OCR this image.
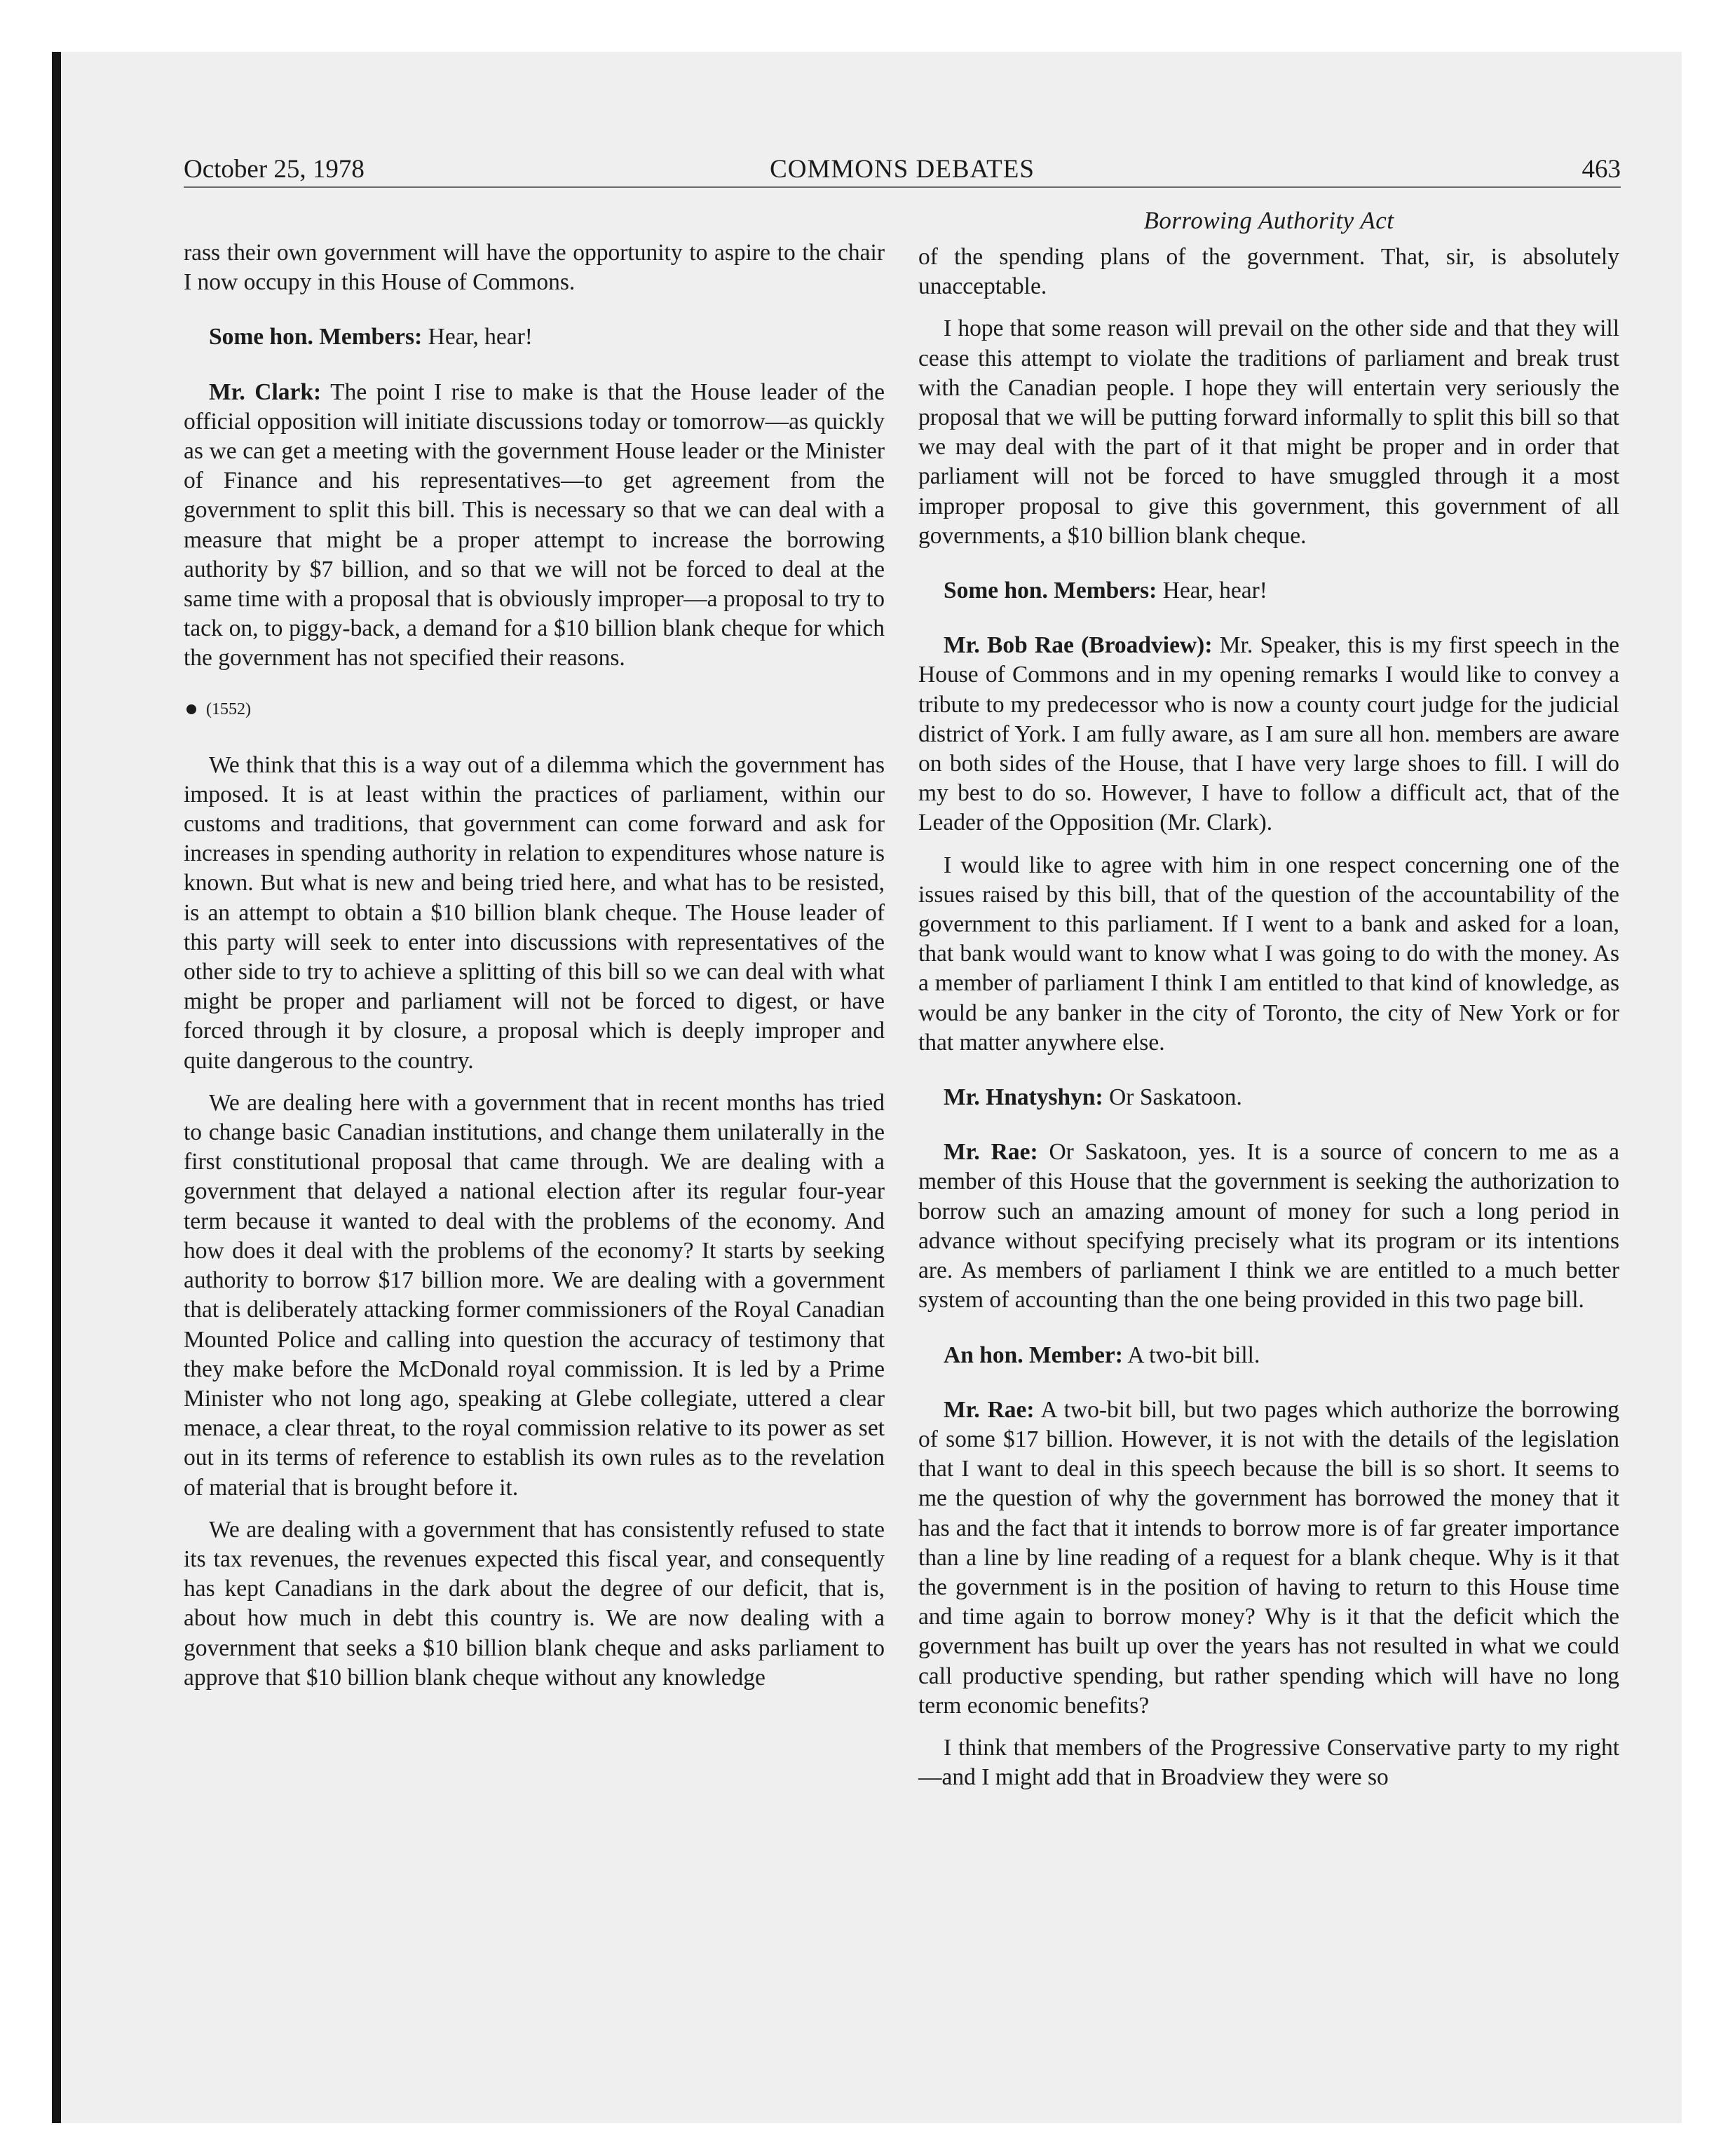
October 25, 1978	COMMONS DEBATES	463

rass their own government will have the opportunity to aspire to the chair I now occupy in this House of Commons.

Some hon. Members: Hear, hear!

Mr. Clark: The point I rise to make is that the House leader of the official opposition will initiate discussions today or tomorrow—as quickly as we can get a meeting with the government House leader or the Minister of Finance and his representatives—to get agreement from the government to split this bill. This is necessary so that we can deal with a measure that might be a proper attempt to increase the borrowing authority by $7 billion, and so that we will not be forced to deal at the same time with a proposal that is obviously improper—a proposal to try to tack on, to piggy-back, a demand for a $10 billion blank cheque for which the government has not specified their reasons.

(1552)

We think that this is a way out of a dilemma which the government has imposed. It is at least within the practices of parliament, within our customs and traditions, that government can come forward and ask for increases in spending authority in relation to expenditures whose nature is known. But what is new and being tried here, and what has to be resisted, is an attempt to obtain a $10 billion blank cheque. The House leader of this party will seek to enter into discussions with representatives of the other side to try to achieve a splitting of this bill so we can deal with what might be proper and parliament will not be forced to digest, or have forced through it by closure, a proposal which is deeply improper and quite dangerous to the country.

We are dealing here with a government that in recent months has tried to change basic Canadian institutions, and change them unilaterally in the first constitutional proposal that came through. We are dealing with a government that delayed a national election after its regular four-year term because it wanted to deal with the problems of the economy. And how does it deal with the problems of the economy? It starts by seeking authority to borrow $17 billion more. We are dealing with a government that is deliberately attacking former commissioners of the Royal Canadian Mounted Police and calling into question the accuracy of testimony that they make before the McDonald royal commission. It is led by a Prime Minister who not long ago, speaking at Glebe collegiate, uttered a clear menace, a clear threat, to the royal commission relative to its power as set out in its terms of reference to establish its own rules as to the revelation of material that is brought before it.

We are dealing with a government that has consistently refused to state its tax revenues, the revenues expected this fiscal year, and consequently has kept Canadians in the dark about the degree of our deficit, that is, about how much in debt this country is. We are now dealing with a government that seeks a $10 billion blank cheque and asks parliament to approve that $10 billion blank cheque without any knowledge

Borrowing Authority Act

of the spending plans of the government. That, sir, is absolutely unacceptable.

I hope that some reason will prevail on the other side and that they will cease this attempt to violate the traditions of parliament and break trust with the Canadian people. I hope they will entertain very seriously the proposal that we will be putting forward informally to split this bill so that we may deal with the part of it that might be proper and in order that parliament will not be forced to have smuggled through it a most improper proposal to give this government, this government of all governments, a $10 billion blank cheque.

Some hon. Members: Hear, hear!

Mr. Bob Rae (Broadview): Mr. Speaker, this is my first speech in the House of Commons and in my opening remarks I would like to convey a tribute to my predecessor who is now a county court judge for the judicial district of York. I am fully aware, as I am sure all hon. members are aware on both sides of the House, that I have very large shoes to fill. I will do my best to do so. However, I have to follow a difficult act, that of the Leader of the Opposition (Mr. Clark).

I would like to agree with him in one respect concerning one of the issues raised by this bill, that of the question of the accountability of the government to this parliament. If I went to a bank and asked for a loan, that bank would want to know what I was going to do with the money. As a member of parliament I think I am entitled to that kind of knowledge, as would be any banker in the city of Toronto, the city of New York or for that matter anywhere else.

Mr. Hnatyshyn: Or Saskatoon.

Mr. Rae: Or Saskatoon, yes. It is a source of concern to me as a member of this House that the government is seeking the authorization to borrow such an amazing amount of money for such a long period in advance without specifying precisely what its program or its intentions are. As members of parliament I think we are entitled to a much better system of accounting than the one being provided in this two page bill.

An hon. Member: A two-bit bill.

Mr. Rae: A two-bit bill, but two pages which authorize the borrowing of some $17 billion. However, it is not with the details of the legislation that I want to deal in this speech because the bill is so short. It seems to me the question of why the government has borrowed the money that it has and the fact that it intends to borrow more is of far greater importance than a line by line reading of a request for a blank cheque. Why is it that the government is in the position of having to return to this House time and time again to borrow money? Why is it that the deficit which the government has built up over the years has not resulted in what we could call productive spending, but rather spending which will have no long term economic benefits?

I think that members of the Progressive Conservative party to my right—and I might add that in Broadview they were so
